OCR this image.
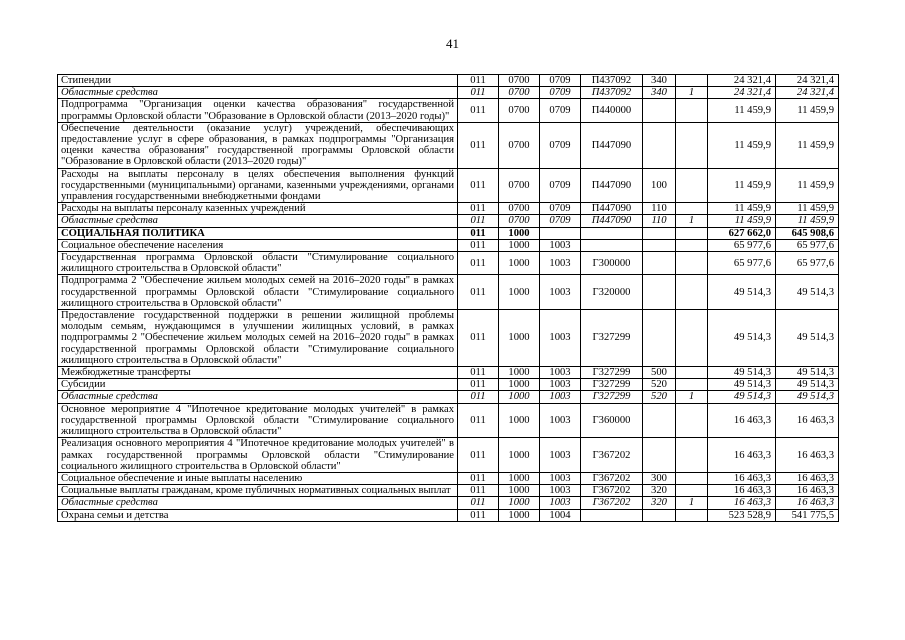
41
Стипендии	011	0700	0709	П437092	340		24 321,4	24 321,4
Областные средства	011	0700	0709	П437092	340	1	24 321,4	24 321,4
Подпрограмма "Организация оценки качества образования" государственной программы Орловской области "Образование в Орловской области (2013–2020 годы)"	011	0700	0709	П440000			11 459,9	11 459,9
Обеспечение деятельности (оказание услуг) учреждений, обеспечивающих предоставление услуг в сфере образования, в рамках подпрограммы "Организация оценки качества образования" государственной программы Орловской области "Образование в Орловской области (2013–2020 годы)"	011	0700	0709	П447090			11 459,9	11 459,9
Расходы на выплаты персоналу в целях обеспечения выполнения функций государственными (муниципальными) органами, казенными учреждениями, органами управления государственными внебюджетными фондами	011	0700	0709	П447090	100		11 459,9	11 459,9
Расходы на выплаты персоналу казенных учреждений	011	0700	0709	П447090	110		11 459,9	11 459,9
Областные средства	011	0700	0709	П447090	110	1	11 459,9	11 459,9
СОЦИАЛЬНАЯ ПОЛИТИКА	011	1000					627 662,0	645 908,6
Социальное обеспечение населения	011	1000	1003				65 977,6	65 977,6
Государственная программа Орловской области "Стимулирование социального жилищного строительства в Орловской области"	011	1000	1003	Г300000			65 977,6	65 977,6
Подпрограмма 2 "Обеспечение жильем молодых семей на 2016–2020 годы" в рамках государственной программы Орловской области "Стимулирование социального жилищного строительства в Орловской области"	011	1000	1003	Г320000			49 514,3	49 514,3
Предоставление государственной поддержки в решении жилищной проблемы молодым семьям, нуждающимся в улучшении жилищных условий, в рамках подпрограммы 2 "Обеспечение жильем молодых семей на 2016–2020 годы" в рамках государственной программы Орловской области "Стимулирование социального жилищного строительства в Орловской области"	011	1000	1003	Г327299			49 514,3	49 514,3
Межбюджетные трансферты	011	1000	1003	Г327299	500		49 514,3	49 514,3
Субсидии	011	1000	1003	Г327299	520		49 514,3	49 514,3
Областные средства	011	1000	1003	Г327299	520	1	49 514,3	49 514,3
Основное мероприятие 4 "Ипотечное кредитование молодых учителей" в рамках государственной программы Орловской области "Стимулирование социального жилищного строительства в Орловской области"	011	1000	1003	Г360000			16 463,3	16 463,3
Реализация основного мероприятия 4 "Ипотечное кредитование молодых учителей" в рамках государственной программы Орловской области "Стимулирование социального жилищного строительства в Орловской области"	011	1000	1003	Г367202			16 463,3	16 463,3
Социальное обеспечение и иные выплаты населению	011	1000	1003	Г367202	300		16 463,3	16 463,3
Социальные выплаты гражданам, кроме публичных нормативных социальных выплат	011	1000	1003	Г367202	320		16 463,3	16 463,3
Областные средства	011	1000	1003	Г367202	320	1	16 463,3	16 463,3
Охрана семьи и детства	011	1000	1004				523 528,9	541 775,5
